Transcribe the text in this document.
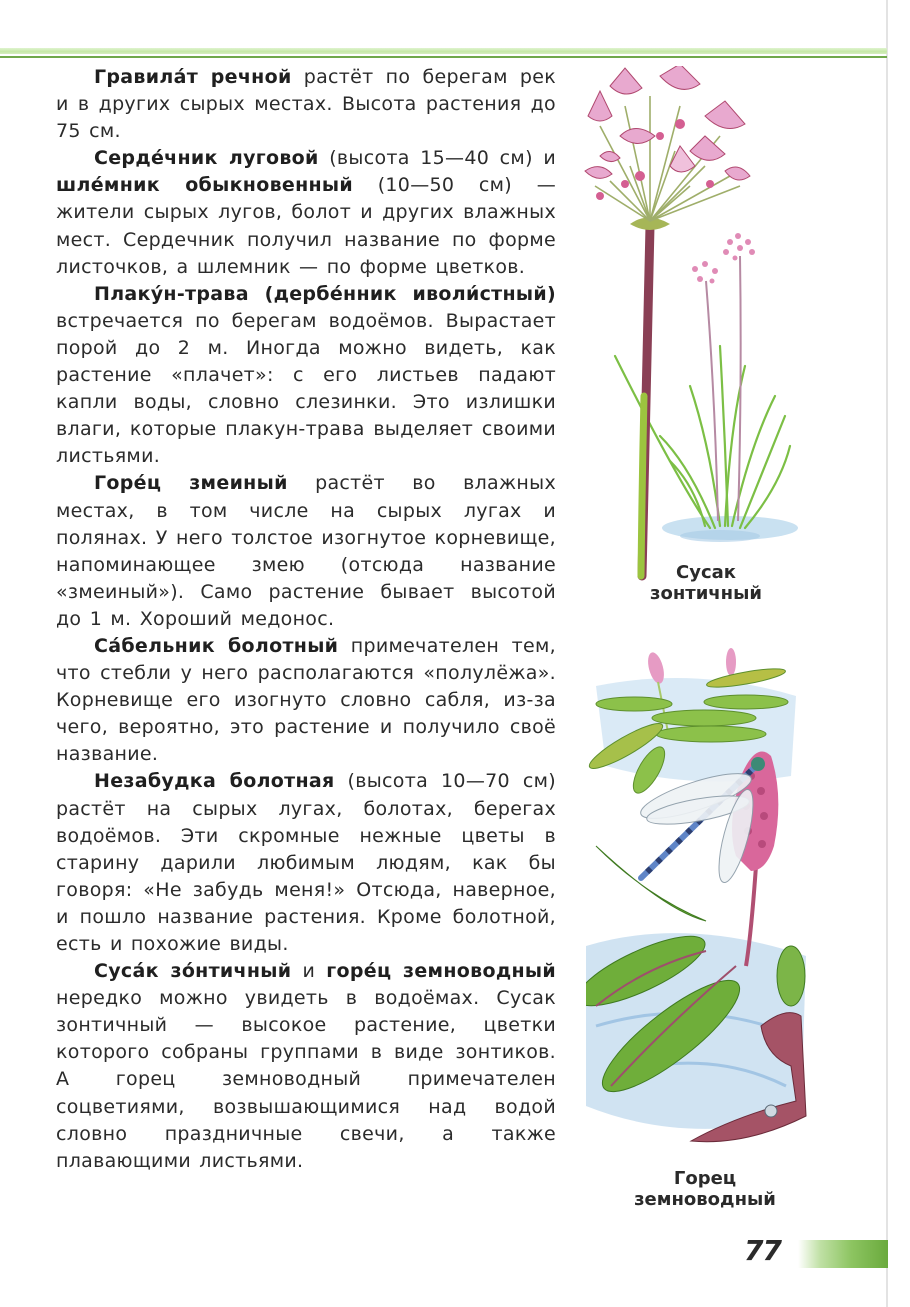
Гравила́т речной растёт по берегам рек и в других сырых местах. Высота растения до 75 см.

Серде́чник луговой (высота 15—40 см) и шле́мник обыкновенный (10—50 см) — жители сырых лугов, болот и других влажных мест. Сердечник получил название по форме листочков, а шлемник — по форме цветков.

Плаку́н-трава (дербе́нник иволи́стный) встречается по берегам водоёмов. Вырастает порой до 2 м. Иногда можно видеть, как растение «плачет»: с его листьев падают капли воды, словно слезинки. Это излишки влаги, которые плакун-трава выделяет своими листьями.

Горе́ц змеиный растёт во влажных местах, в том числе на сырых лугах и полянах. У него толстое изогнутое корневище, напоминающее змею (отсюда название «змеиный»). Само растение бывает высотой до 1 м. Хороший медонос.

Са́бельник болотный примечателен тем, что стебли у него располагаются «полулёжа». Корневище его изогнуто словно сабля, из-за чего, вероятно, это растение и получило своё название.

Незабудка болотная (высота 10—70 см) растёт на сырых лугах, болотах, берегах водоёмов. Эти скромные нежные цветы в старину дарили любимым людям, как бы говоря: «Не забудь меня!» Отсюда, наверное, и пошло название растения. Кроме болотной, есть и похожие виды.

Суса́к зо́нтичный и горе́ц земноводный нередко можно увидеть в водоёмах. Сусак зонтичный — высокое растение, цветки которого собраны группами в виде зонтиков. А горец земноводный примечателен соцветиями, возвышающимися над водой словно праздничные свечи, а также плавающими листьями.

Сусак
зонтичный
Горец
земноводный
77
